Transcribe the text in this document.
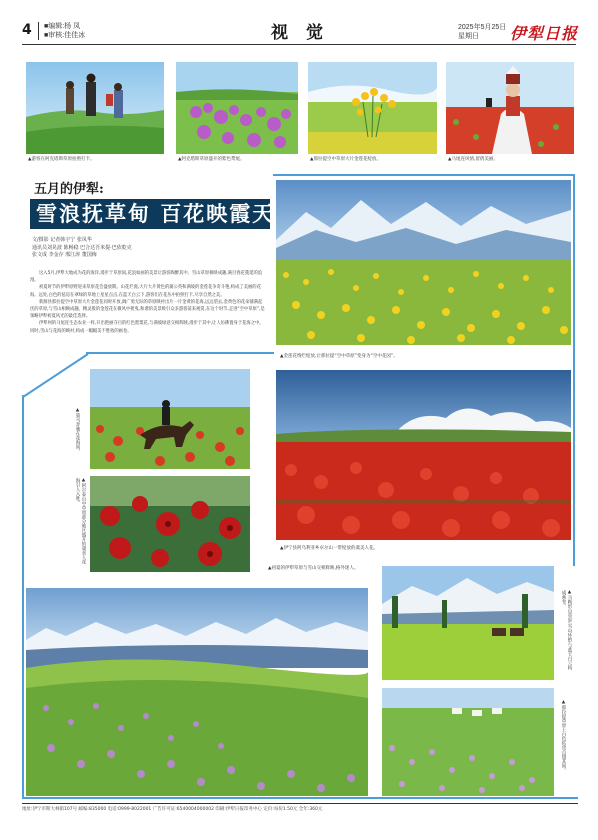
4 ■编辑:杨 凤
■审核:佳佳冰	视 觉	2025年5月25日
星期日	伊犁日报
▲游客在阿克塔斯草原拍照打卡。	▲阿克塔斯草原盛开的紫色鸢尾。	▲那拉提空中草原大片金莲花绽放。	▲马尾连风情,留倩美丽。
五月的伊犁:
雪浪抚草甸 百花映霞天
文/摄影 记者韩宇宁 张凤华
通讯员刘晃波 陈畅稳 巴合达吾米提·巴依乾克
张文成 李金存 邢江涛 董国梅

这入5月,伊犁大地成为花的海洋,漫步于草原间,花浪如画的美景让游客陶醉其中。雪山草原相映成趣,满目春花蔓延的浪漫。

初夏时节的伊犁原野迎来草原花会盛放期。山花烂漫,大片大片黄色的蒲公英和满坡的金莲花争奇斗艳,构成了美丽的花海。远处,白色的毡房在翠绿的草地上星星点点,在蓝天白云下,游客们在花丛中拍照打卡,尽享自然之美。

新源县那拉提空中草原大片金莲花同时开放,阔广勇无际的草原映衬出片一片金黄的花海,远远望去,金黄色的花朵铺满起伏的草原,与雪山相映成趣。精灵般的金莲花在微风中摇曳,和谐的美景吸引众多游客前来观赏,在这个时节,走进“空中草原”,是领略伊犁初夏风光的最佳选择。

伊犁州的马尾连生态农业一样,开出艳丽夺目的红色罂粟花,与满坡绿意交相辉映,漫步于其中,让人仿佛置身于花海之中。同时,雪山与花海的映衬,构成一幅幅美不胜收的画卷。

▲金莲花绚烂绽放,让那拉提“空中草原”变身为“空中花园”。
▲伊宁县阿乌利亚乡卓尔山一带绽放的虞美人花。
▲策马奔驰在花海间。
▲阿尔泰山中草原部分地区盛开的虞美人花海引人入胜。
▲初夏的伊犁草原与雪山交相辉映,格外迷人。
▲马鞍形山草原,雪山环抱,与蓝天白云构成画卷。
▲那拉提草原上白色毡房点缀其间。
地址:伊宁市斯大林街107号 邮编:835000 电话:0999-8022001 广告许可证:6540004000002 印刷:伊犁日报印务中心 定价:每份1.50元 全年:360元
